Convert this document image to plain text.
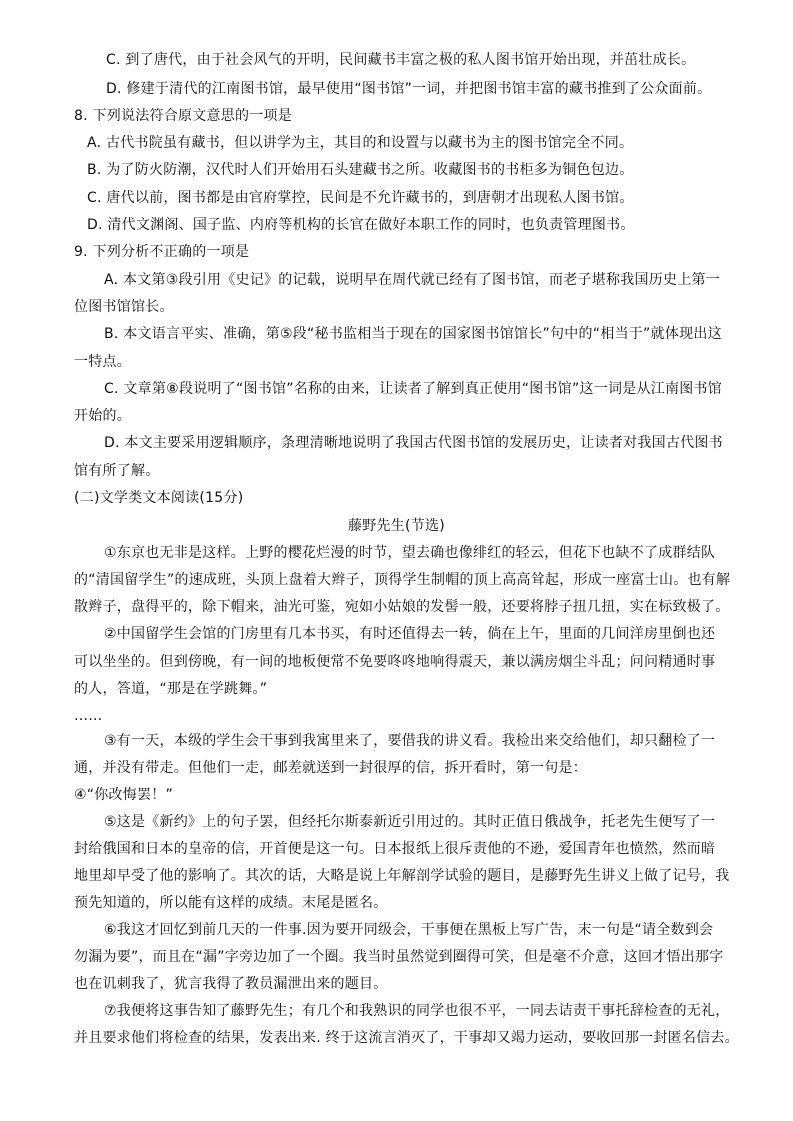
C. 到了唐代，由于社会风气的开明，民间藏书丰富之极的私人图书馆开始出现，并茁壮成长。
D. 修建于清代的江南图书馆，最早使用“图书馆”一词，并把图书馆丰富的藏书推到了公众面前。
8. 下列说法符合原文意思的一项是
A. 古代书院虽有藏书，但以讲学为主，其目的和设置与以藏书为主的图书馆完全不同。
B. 为了防火防潮，汉代时人们开始用石头建藏书之所。收藏图书的书柜多为铜色包边。
C. 唐代以前，图书都是由官府掌控，民间是不允许藏书的，到唐朝才出现私人图书馆。
D. 清代文渊阁、国子监、内府等机构的长官在做好本职工作的同时，也负责管理图书。
9. 下列分析不正确的一项是
A. 本文第③段引用《史记》的记载，说明早在周代就已经有了图书馆，而老子堪称我国历史上第一
位图书馆馆长。
B. 本文语言平实、准确，第⑤段“秘书监相当于现在的国家图书馆馆长”句中的“相当于”就体现出这
一特点。
C. 文章第⑧段说明了“图书馆”名称的由来，让读者了解到真正使用“图书馆”这一词是从江南图书馆
开始的。
D. 本文主要采用逻辑顺序，条理清晰地说明了我国古代图书馆的发展历史，让读者对我国古代图书
馆有所了解。
(二)文学类文本阅读(15分)
藤野先生(节选)
①东京也无非是这样。上野的樱花烂漫的时节，望去确也像绯红的轻云，但花下也缺不了成群结队
的“清国留学生”的速成班，头顶上盘着大辫子，顶得学生制帽的顶上高高耸起，形成一座富士山。也有解
散辫子，盘得平的，除下帽来，油光可鉴，宛如小姑娘的发髻一般，还要将脖子扭几扭，实在标致极了。
②中国留学生会馆的门房里有几本书买，有时还值得去一转，倘在上午，里面的几间洋房里倒也还
可以坐坐的。但到傍晚，有一间的地板便常不免要咚咚地响得震天，兼以满房烟尘斗乱；问问精通时事
的人，答道，“那是在学跳舞。”
……
③有一天，本级的学生会干事到我寓里来了，要借我的讲义看。我检出来交给他们，却只翻检了一
通，并没有带走。但他们一走，邮差就送到一封很厚的信，拆开看时，第一句是：
④“你改悔罢！”
⑤这是《新约》上的句子罢，但经托尔斯泰新近引用过的。其时正值日俄战争，托老先生便写了一
封给俄国和日本的皇帝的信，开首便是这一句。日本报纸上很斥责他的不逊，爱国青年也愤然，然而暗
地里却早受了他的影响了。其次的话，大略是说上年解剖学试验的题目，是藤野先生讲义上做了记号，我
预先知道的，所以能有这样的成绩。末尾是匿名。
⑥我这才回忆到前几天的一件事.因为要开同级会，干事便在黑板上写广告，末一句是“请全数到会
勿漏为要”，而且在“漏”字旁边加了一个圈。我当时虽然觉到圈得可笑，但是毫不介意，这回才悟出那字
也在讥刺我了，犹言我得了教员漏泄出来的题目。
⑦我便将这事告知了藤野先生；有几个和我熟识的同学也很不平，一同去诘责干事托辞检查的无礼，
并且要求他们将检查的结果，发表出来. 终于这流言消灭了，干事却又竭力运动，要收回那一封匿名信去。
